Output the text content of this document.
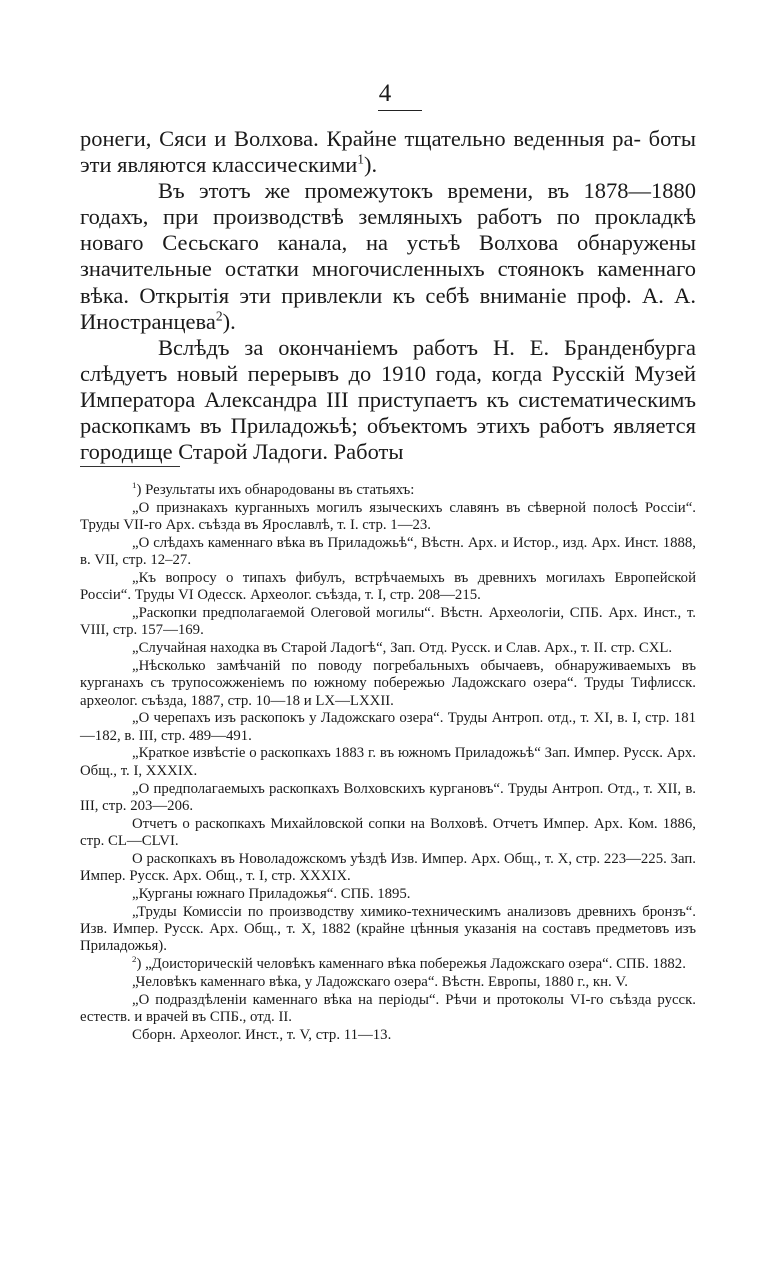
4

ронеги, Сяси и Волхова. Крайне тщательно веденныя ра- боты эти являются классическими$^1$).

Въ этотъ же промежутокъ времени, въ 1878—1880 годахъ, при производствѣ земляныхъ работъ по прокладкѣ новаго Сесьскаго канала, на устьѣ Волхова обнаружены значительные остатки многочисленныхъ стоянокъ каменнаго вѣка. Открытія эти привлекли къ себѣ вниманіе проф. А. А. Иностранцева$^2$).

Вслѣдъ за окончаніемъ работъ Н. Е. Бранденбурга слѣдуетъ новый перерывъ до 1910 года, когда Русскій Музей Императора Александра III приступаетъ къ систематическимъ раскопкамъ въ Приладожьѣ; объектомъ этихъ работъ является городище Старой Ладоги. Работы

$^1$) Результаты ихъ обнародованы въ статьяхъ:

„О признакахъ курганныхъ могилъ языческихъ славянъ въ сѣверной полосѣ Россіи“. Труды VII-го Арх. съѣзда въ Ярославлѣ, т. I. стр. 1—23.

„О слѣдахъ каменнаго вѣка въ Приладожьѣ“, Вѣстн. Арх. и Истор., изд. Арх. Инст. 1888, в. VII, стр. 12–27.

„Къ вопросу о типахъ фибулъ, встрѣчаемыхъ въ древнихъ могилахъ Европейской Россіи“. Труды VI Одесск. Археолог. съѣзда, т. I, стр. 208—215.

„Раскопки предполагаемой Олеговой могилы“. Вѣстн. Археологіи, СПБ. Арх. Инст., т. VIII, стр. 157—169.

„Случайная находка въ Старой Ладогѣ“, Зап. Отд. Русск. и Слав. Арх., т. II. стр. CXL.

„Нѣсколько замѣчаній по поводу погребальныхъ обычаевъ, обнаруживаемыхъ въ курганахъ съ трупосожженіемъ по южному побережью Ладожскаго озера“. Труды Тифлисск. археолог. съѣзда, 1887, стр. 10—18 и LX—LXXII.

„О черепахъ изъ раскопокъ у Ладожскаго озера“. Труды Антроп. отд., т. XI, в. I, стр. 181—182, в. III, стр. 489—491.

„Краткое извѣстіе о раскопкахъ 1883 г. въ южномъ Приладожьѣ“ Зап. Импер. Русск. Арх. Общ., т. I, XXXIX.

„О предполагаемыхъ раскопкахъ Волховскихъ кургановъ“. Труды Антроп. Отд., т. XII, в. III, стр. 203—206.

Отчетъ о раскопкахъ Михайловской сопки на Волховѣ. Отчетъ Импер. Арх. Ком. 1886, стр. CL—CLVI.

О раскопкахъ въ Новоладожскомъ уѣздѣ Изв. Импер. Арх. Общ., т. X, стр. 223—225. Зап. Импер. Русск. Арх. Общ., т. I, стр. XXXIX.

„Курганы южнаго Приладожья“. СПБ. 1895.

„Труды Комиссіи по производству химико-техническимъ анализовъ древнихъ бронзъ“. Изв. Импер. Русск. Арх. Общ., т. X, 1882 (крайне цѣнныя указанія на составъ предметовъ изъ Приладожья).

$^2$) „Доисторическій человѣкъ каменнаго вѣка побережья Ладожскаго озера“. СПБ. 1882.

„Человѣкъ каменнаго вѣка, у Ладожскаго озера“. Вѣстн. Европы, 1880 г., кн. V.

„О подраздѣленіи каменнаго вѣка на періоды“. Рѣчи и протоколы VI-го съѣзда русск. естеств. и врачей въ СПБ., отд. II.

Сборн. Археолог. Инст., т. V, стр. 11—13.
